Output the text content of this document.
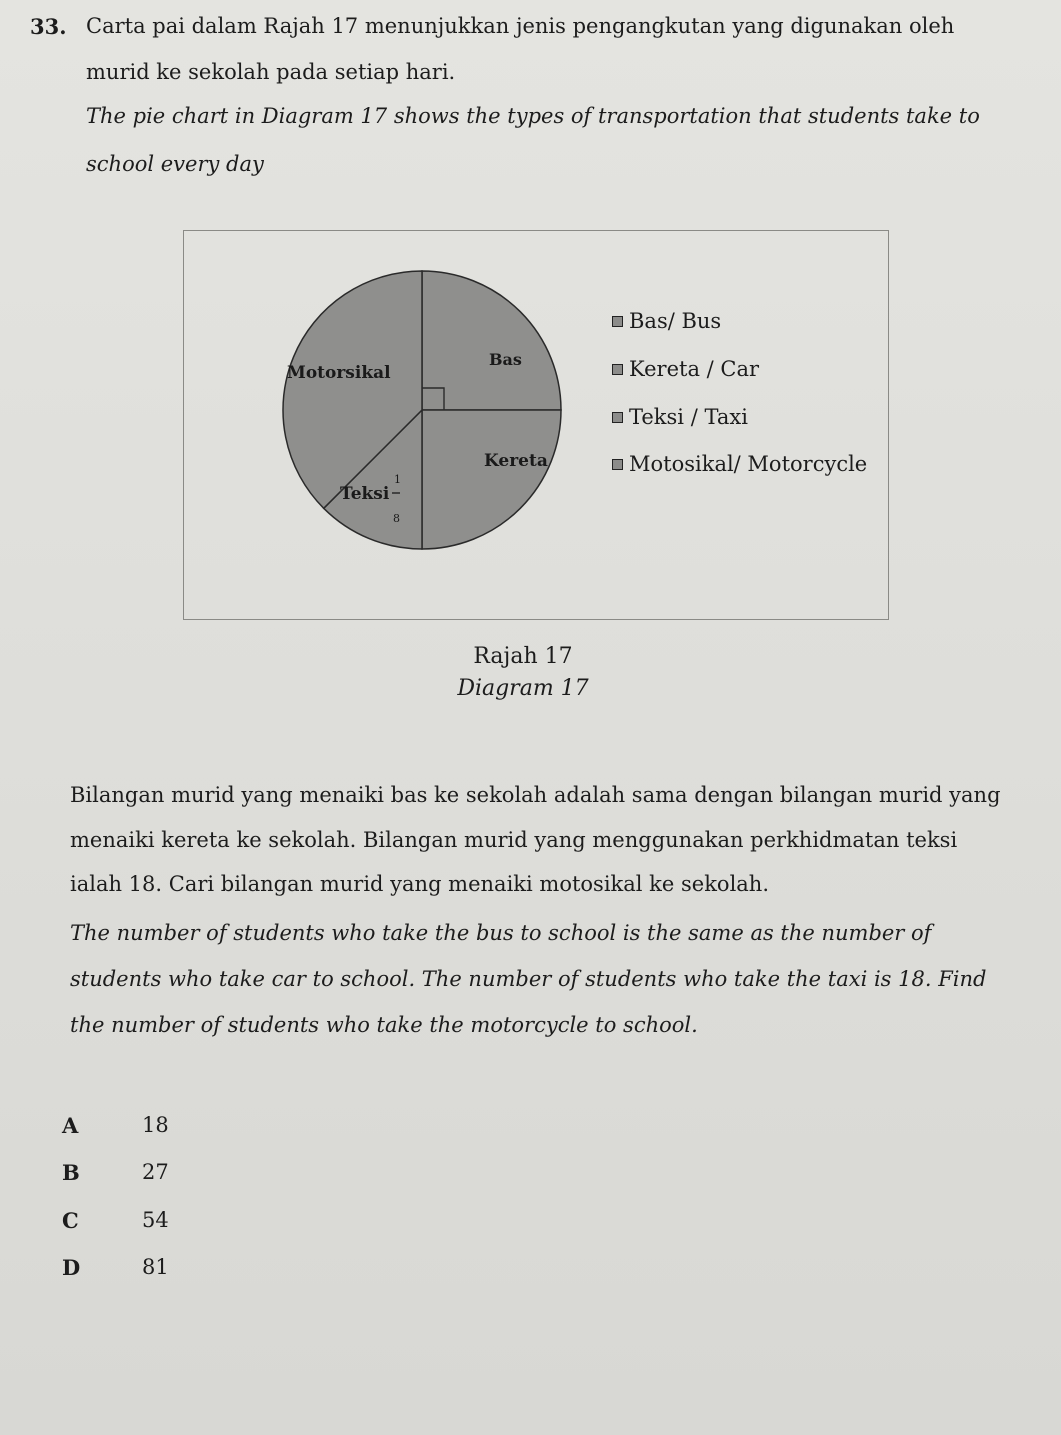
33. Carta pai dalam Rajah 17 menunjukkan jenis pengangkutan yang digunakan oleh
murid ke sekolah pada setiap hari.
The pie chart in Diagram 17 shows the types of transportation that students take to
school every day
Bas
Kereta
Teksi
Motorsikal
1
8
Bas/ Bus
Kereta / Car
Teksi / Taxi
Motosikal/ Motorcycle
Rajah 17
Diagram 17
Bilangan murid yang menaiki bas ke sekolah adalah sama dengan bilangan murid yang
menaiki kereta ke sekolah. Bilangan murid yang menggunakan perkhidmatan teksi
ialah 18. Cari bilangan murid yang menaiki motosikal ke sekolah.
The number of students who take the bus to school is the same as the number of
students who take car to school. The number of students who take the taxi is 18. Find
the number of students who take the motorcycle to school.
A	18
B	27
C	54
D	81
